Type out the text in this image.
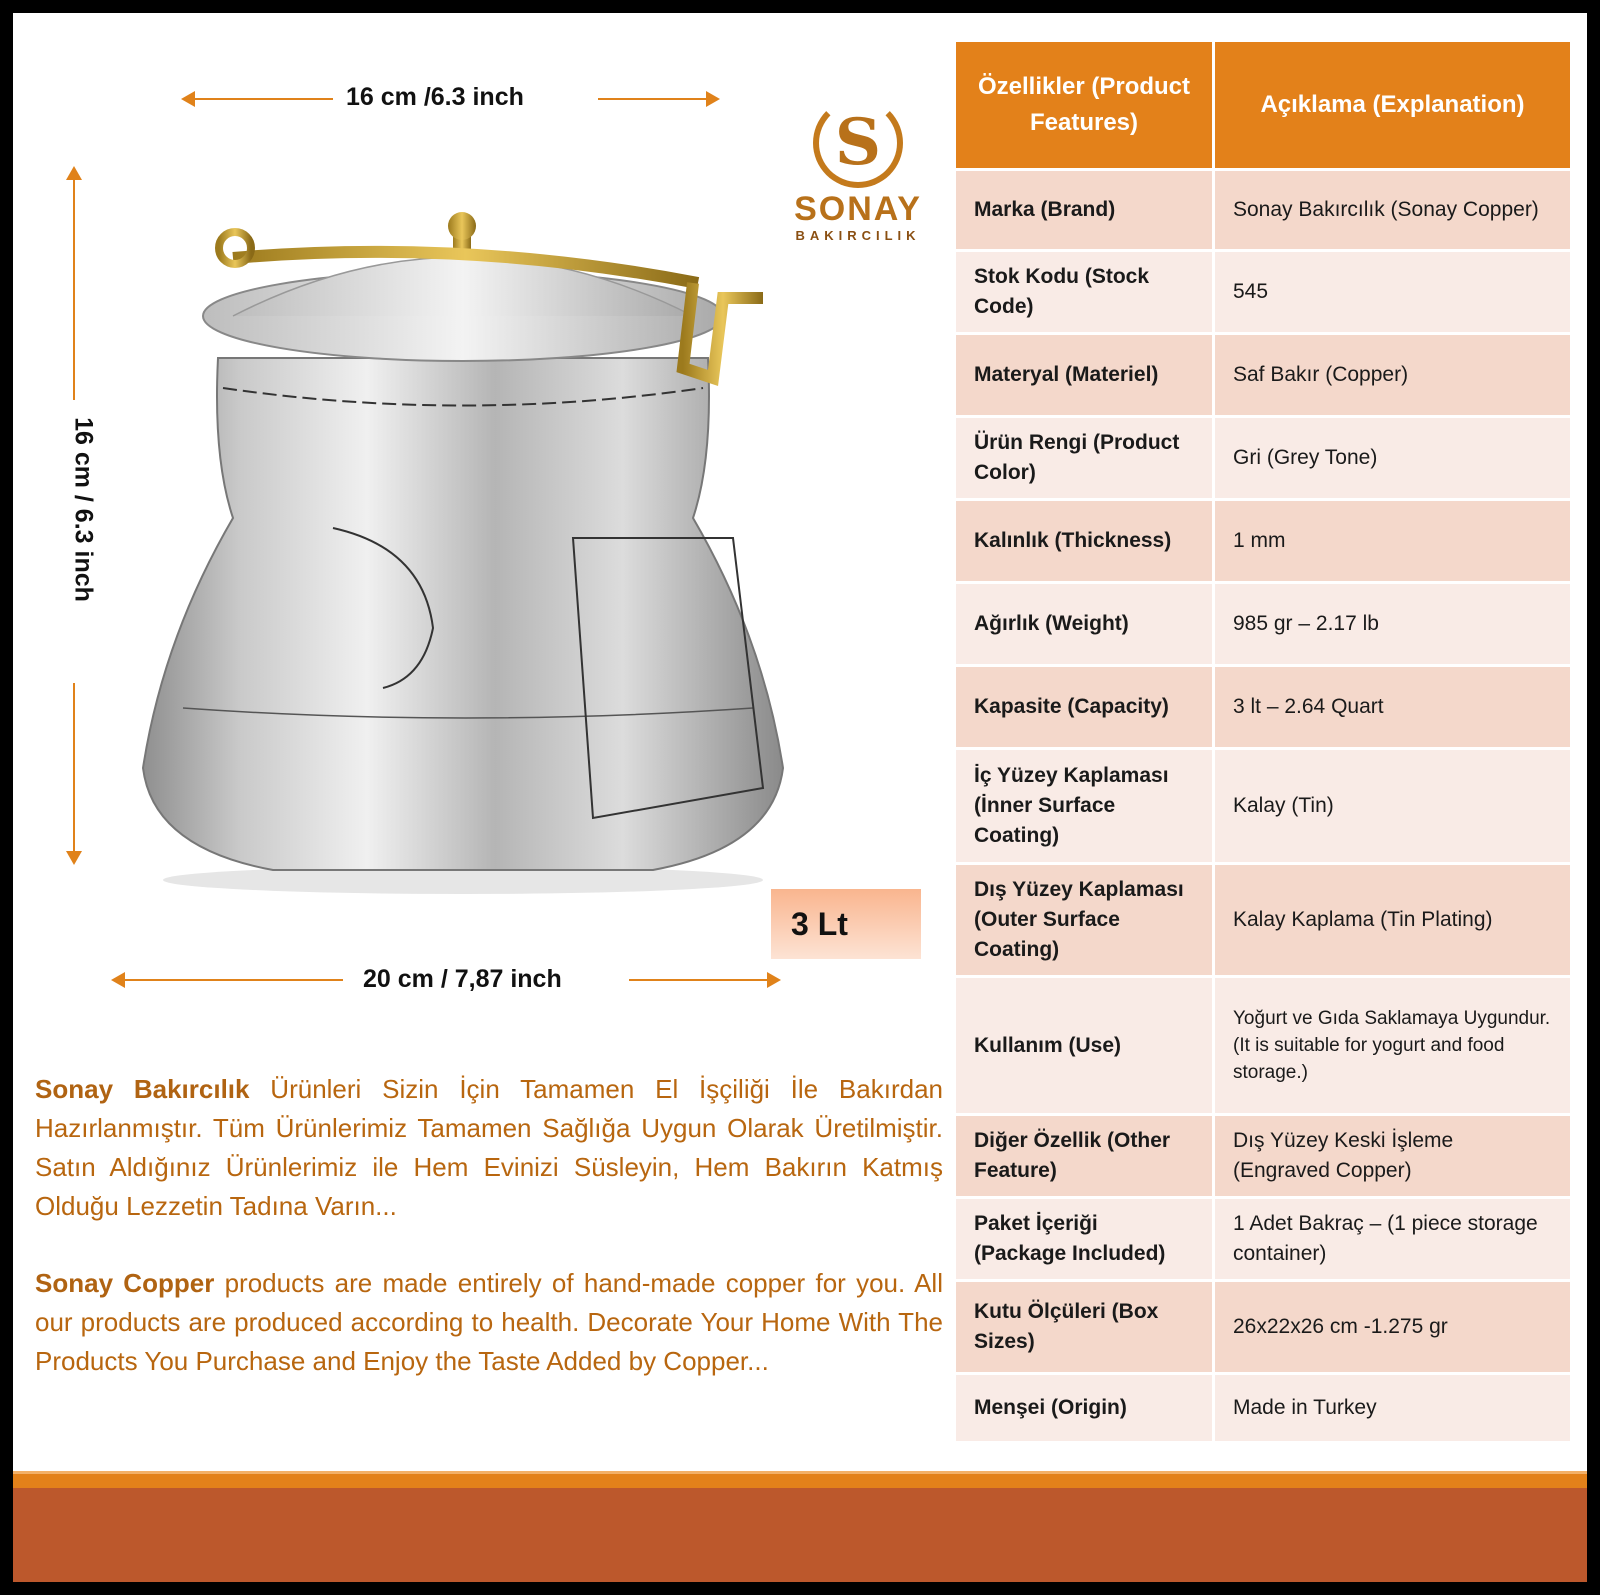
16 cm /6.3 inch
16 cm / 6.3 inch
S
SONAY
BAKIRCILIK
3 Lt
20 cm / 7,87 inch

Sonay Bakırcılık Ürünleri Sizin İçin Tamamen El İşçiliği İle Bakırdan Hazırlanmıştır. Tüm Ürünlerimiz Tamamen Sağlığa Uygun Olarak Üretilmiştir. Satın Aldığınız Ürünlerimiz ile Hem Evinizi Süsleyin, Hem Bakırın Katmış Olduğu Lezzetin Tadına Varın...

Sonay Copper products are made entirely of hand-made copper for you. All our products are produced according to health. Decorate Your Home With The Products You Purchase and Enjoy the Taste Added by Copper...

Özellikler (Product Features)	Açıklama (Explanation)
Marka (Brand)	Sonay Bakırcılık (Sonay Copper)
Stok Kodu (Stock Code)	545
Materyal (Materiel)	Saf Bakır (Copper)
Ürün Rengi (Product Color)	Gri (Grey Tone)
Kalınlık (Thickness)	1 mm
Ağırlık (Weight)	985 gr – 2.17 lb
Kapasite (Capacity)	3 lt – 2.64 Quart
İç Yüzey Kaplaması (İnner Surface Coating)	Kalay (Tin)
Dış Yüzey Kaplaması (Outer Surface Coating)	Kalay Kaplama (Tin Plating)
Kullanım (Use)	Yoğurt ve Gıda Saklamaya Uygundur.(It is suitable for yogurt and food storage.)
Diğer Özellik (Other Feature)	Dış Yüzey Keski İşleme (Engraved Copper)
Paket İçeriği (Package Included)	1 Adet Bakraç – (1 piece storage container)
Kutu Ölçüleri (Box Sizes)	26x22x26 cm -1.275 gr
Menşei (Origin)	Made in Turkey
